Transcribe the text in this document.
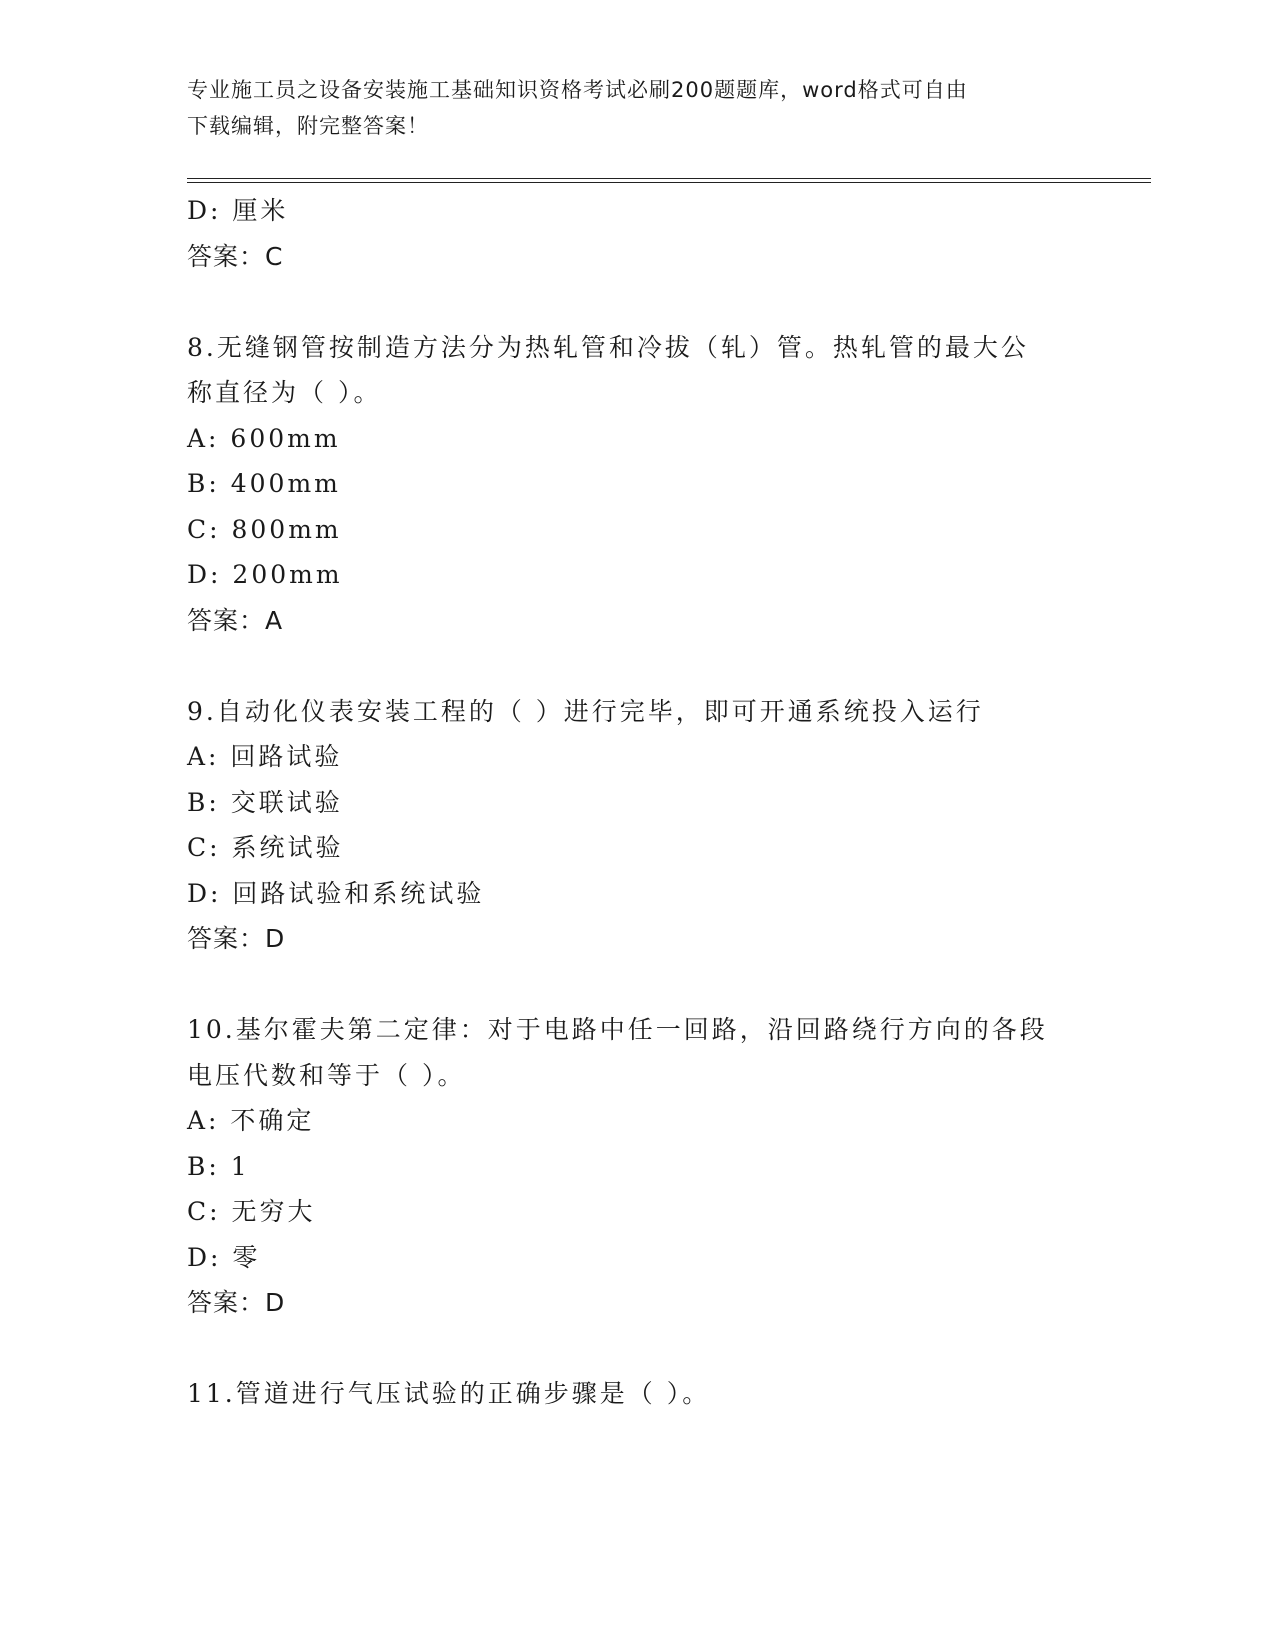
专业施工员之设备安装施工基础知识资格考试必刷200题题库，word格式可自由
下载编辑，附完整答案！
D: 厘米
答案：C
8.无缝钢管按制造方法分为热轧管和冷拔（轧）管。热轧管的最大公
称直径为（ ）。
A: 600mm
B: 400mm
C: 800mm
D: 200mm
答案：A
9.自动化仪表安装工程的（ ）进行完毕，即可开通系统投入运行
A: 回路试验
B: 交联试验
C: 系统试验
D: 回路试验和系统试验
答案：D
10.基尔霍夫第二定律：对于电路中任一回路，沿回路绕行方向的各段
电压代数和等于（ ）。
A: 不确定
B: 1
C: 无穷大
D: 零
答案：D
11.管道进行气压试验的正确步骤是（ ）。
